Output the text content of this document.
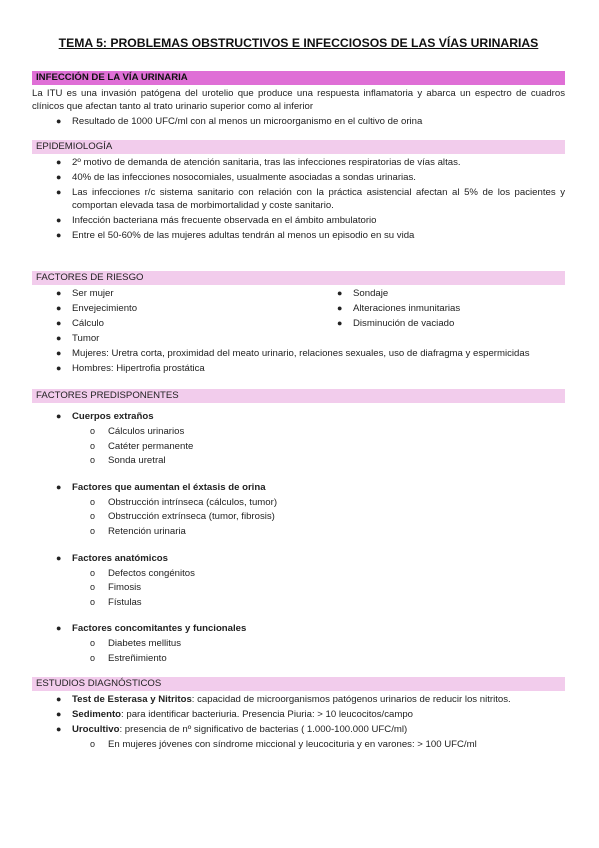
TEMA 5: PROBLEMAS OBSTRUCTIVOS E INFECCIOSOS DE LAS VÍAS URINARIAS
INFECCIÓN DE LA VÍA URINARIA

La ITU es una invasión patógena del urotelio que produce una respuesta inflamatoria y abarca un espectro de cuadros clínicos que afectan tanto al trato urinario superior como al inferior

● Resultado de 1000 UFC/ml con al menos un microorganismo en el cultivo de orina
EPIDEMIOLOGÍA
● 2º motivo de demanda de atención sanitaria, tras las infecciones respiratorias de vías altas.
● 40% de las infecciones nosocomiales, usualmente asociadas a sondas urinarias.
● Las infecciones r/c sistema sanitario con relación con la práctica asistencial afectan al 5% de los pacientes y comportan elevada tasa de morbimortalidad y coste sanitario.
● Infección bacteriana más frecuente observada en el ámbito ambulatorio
● Entre el 50-60% de las mujeres adultas tendrán al menos un episodio en su vida
FACTORES DE RIESGO
● Ser mujer
● Envejecimiento
● Cálculo
● Sondaje
● Alteraciones inmunitarias
● Disminución de vaciado
● Tumor
● Mujeres: Uretra corta, proximidad del meato urinario, relaciones sexuales, uso de diafragma y espermicidas
● Hombres: Hipertrofia prostática
FACTORES PREDISPONENTES
● Cuerpos extraños
o Cálculos urinarios
o Catéter permanente
o Sonda uretral
● Factores que aumentan el éxtasis de orina
o Obstrucción intrínseca (cálculos, tumor)
o Obstrucción extrínseca (tumor, fibrosis)
o Retención urinaria
● Factores anatómicos
o Defectos congénitos
o Fimosis
o Fístulas
● Factores concomitantes y funcionales
o Diabetes mellitus
o Estreñimiento
ESTUDIOS DIAGNÓSTICOS
● Test de Esterasa y Nitritos: capacidad de microorganismos patógenos urinarios de reducir los nitritos.
● Sedimento: para identificar bacteriuria. Presencia Piuria: > 10 leucocitos/campo
● Urocultivo: presencia de nº significativo de bacterias ( 1.000-100.000 UFC/ml)
o En mujeres jóvenes con síndrome miccional y leucocituria y en varones: > 100 UFC/ml
